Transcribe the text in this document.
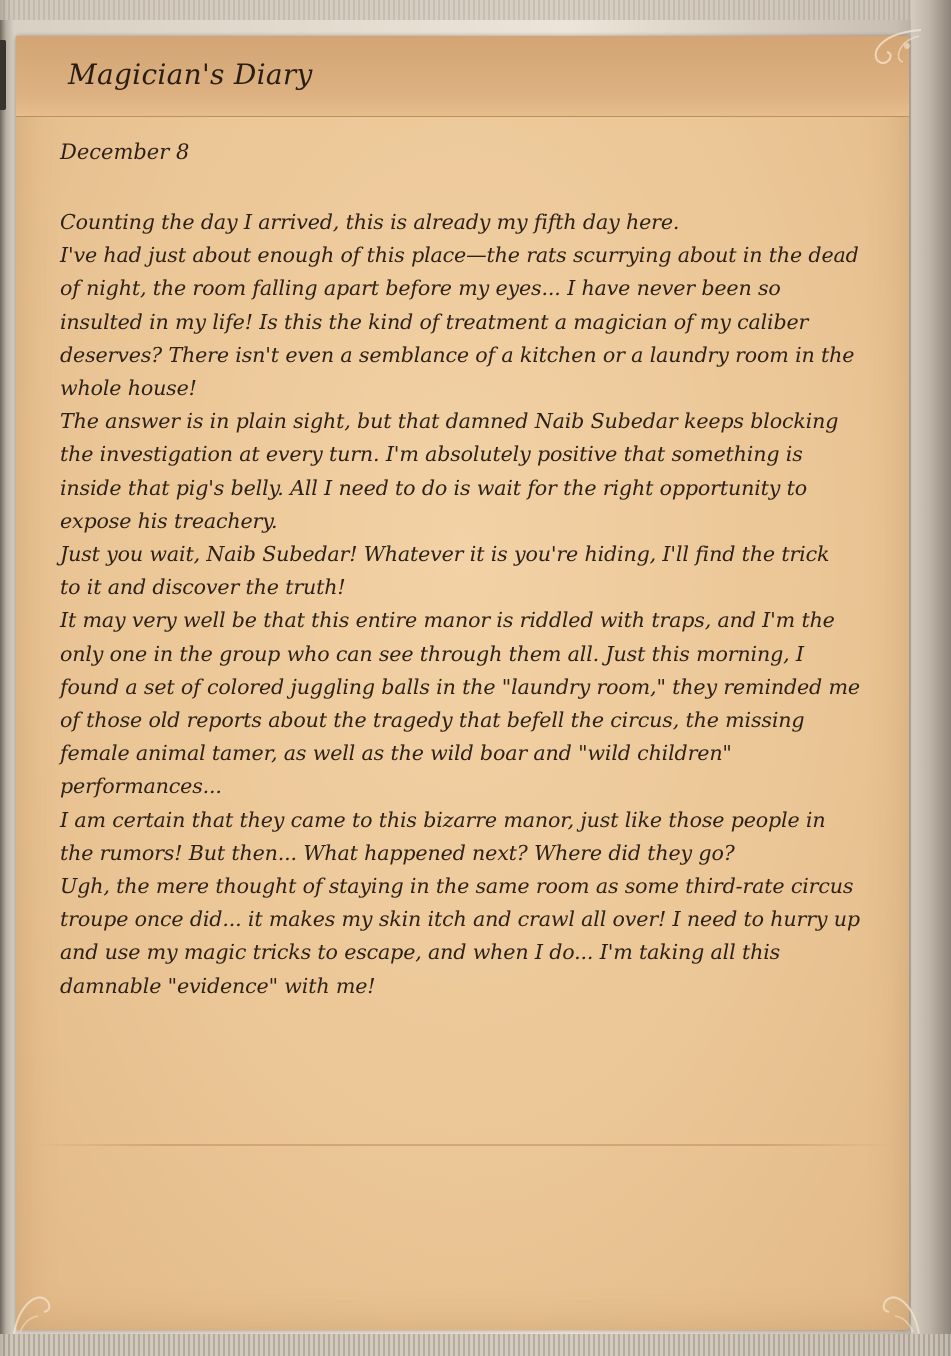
Magician's Diary
December 8
Counting the day I arrived, this is already my fifth day here.
I've had just about enough of this place—the rats scurrying about in the dead
of night, the room falling apart before my eyes... I have never been so
insulted in my life! Is this the kind of treatment a magician of my caliber
deserves? There isn't even a semblance of a kitchen or a laundry room in the
whole house!
The answer is in plain sight, but that damned Naib Subedar keeps blocking
the investigation at every turn. I'm absolutely positive that something is
inside that pig's belly. All I need to do is wait for the right opportunity to
expose his treachery.
Just you wait, Naib Subedar! Whatever it is you're hiding, I'll find the trick
to it and discover the truth!
It may very well be that this entire manor is riddled with traps, and I'm the
only one in the group who can see through them all. Just this morning, I
found a set of colored juggling balls in the "laundry room," they reminded me
of those old reports about the tragedy that befell the circus, the missing
female animal tamer, as well as the wild boar and "wild children"
performances...
I am certain that they came to this bizarre manor, just like those people in
the rumors! But then... What happened next? Where did they go?
Ugh, the mere thought of staying in the same room as some third-rate circus
troupe once did... it makes my skin itch and crawl all over! I need to hurry up
and use my magic tricks to escape, and when I do... I'm taking all this
damnable "evidence" with me!
